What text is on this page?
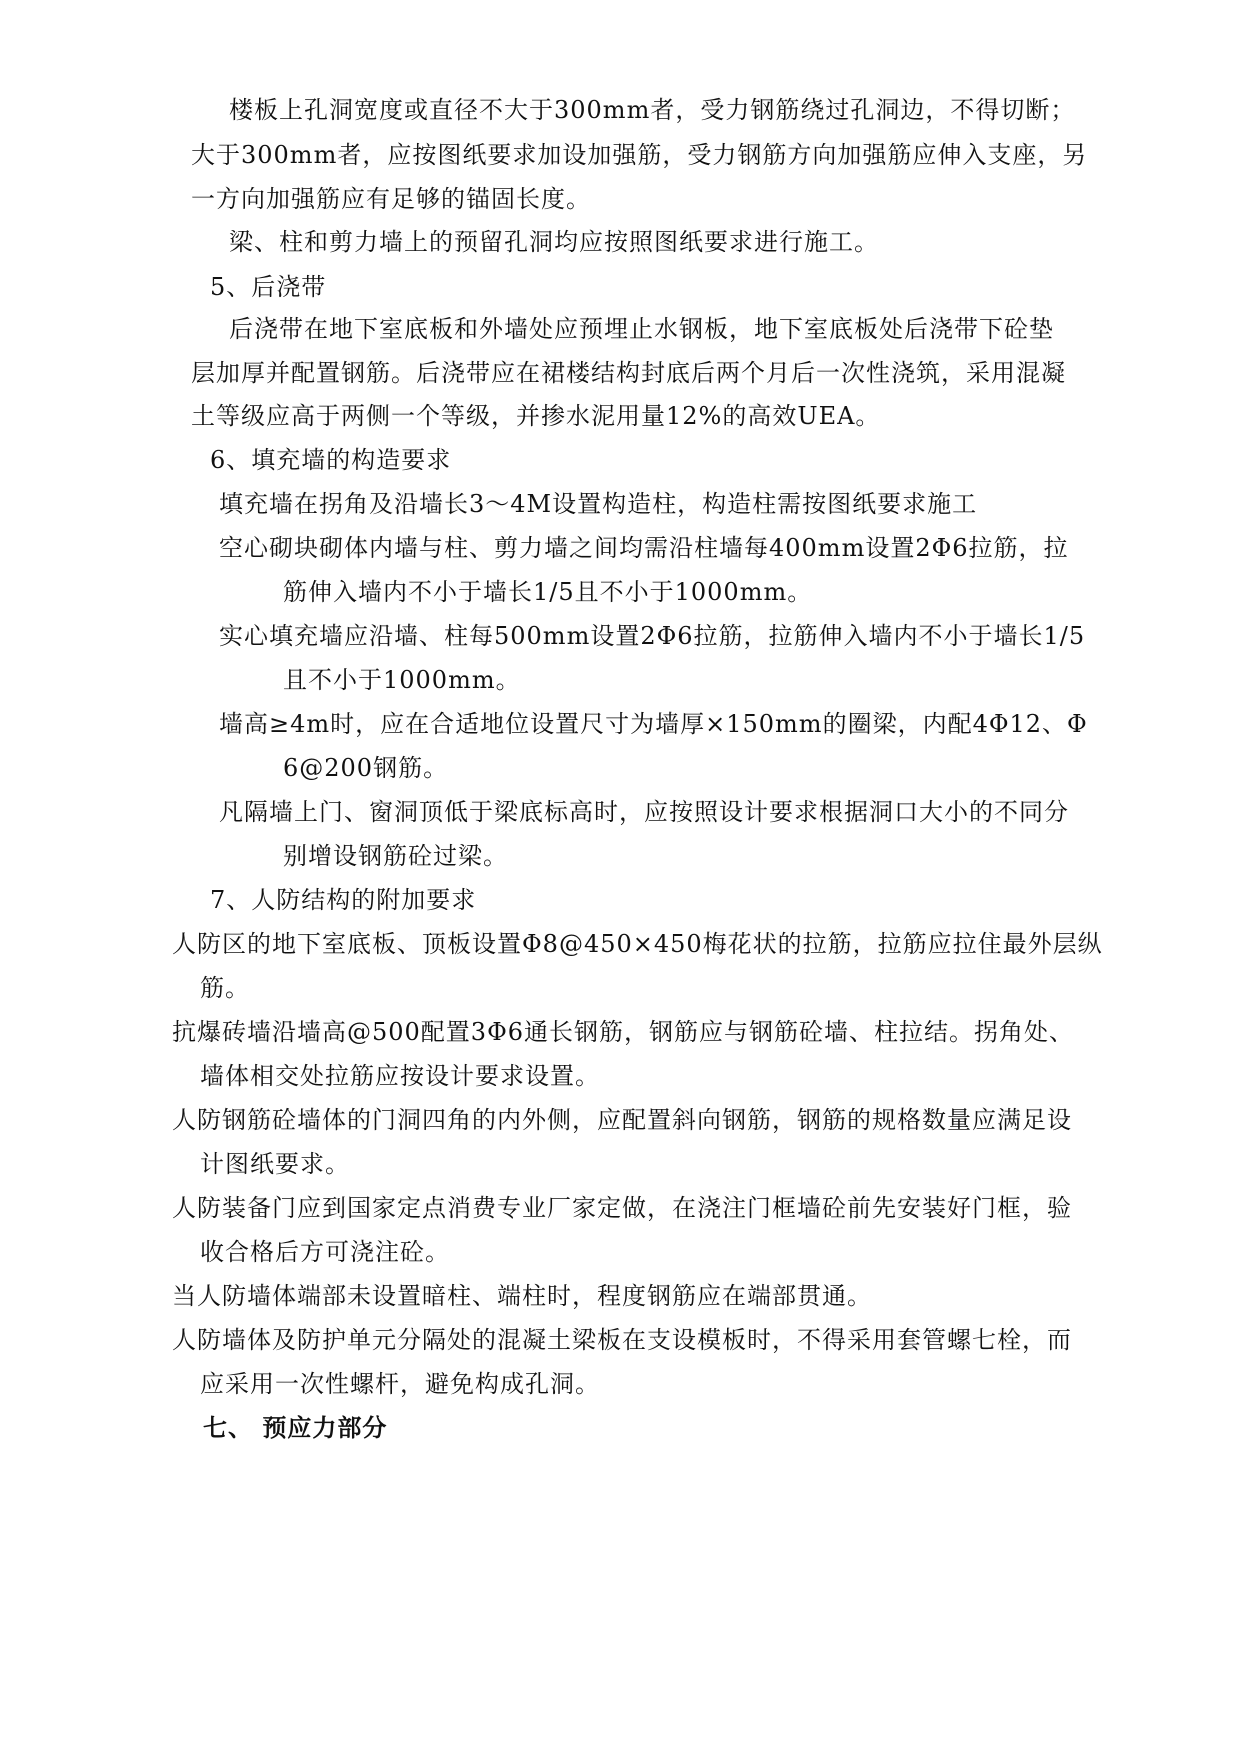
楼板上孔洞宽度或直径不大于300mm者，受力钢筋绕过孔洞边，不得切断；
大于300mm者，应按图纸要求加设加强筋，受力钢筋方向加强筋应伸入支座，另
一方向加强筋应有足够的锚固长度。
梁、柱和剪力墙上的预留孔洞均应按照图纸要求进行施工。
5、后浇带
后浇带在地下室底板和外墙处应预埋止水钢板，地下室底板处后浇带下砼垫
层加厚并配置钢筋。后浇带应在裙楼结构封底后两个月后一次性浇筑，采用混凝
土等级应高于两侧一个等级，并掺水泥用量12%的高效UEA。
6、填充墙的构造要求
填充墙在拐角及沿墙长3～4M设置构造柱，构造柱需按图纸要求施工
空心砌块砌体内墙与柱、剪力墙之间均需沿柱墙每400mm设置2Φ6拉筋，拉
筋伸入墙内不小于墙长1/5且不小于1000mm。
实心填充墙应沿墙、柱每500mm设置2Φ6拉筋，拉筋伸入墙内不小于墙长1/5
且不小于1000mm。
墙高≥4m时，应在合适地位设置尺寸为墙厚×150mm的圈梁，内配4Φ12、Φ
6@200钢筋。
凡隔墙上门、窗洞顶低于梁底标高时，应按照设计要求根据洞口大小的不同分
别增设钢筋砼过梁。
7、人防结构的附加要求
人防区的地下室底板、顶板设置Φ8@450×450梅花状的拉筋，拉筋应拉住最外层纵
筋。
抗爆砖墙沿墙高@500配置3Φ6通长钢筋，钢筋应与钢筋砼墙、柱拉结。拐角处、
墙体相交处拉筋应按设计要求设置。
人防钢筋砼墙体的门洞四角的内外侧，应配置斜向钢筋，钢筋的规格数量应满足设
计图纸要求。
人防装备门应到国家定点消费专业厂家定做，在浇注门框墙砼前先安装好门框，验
收合格后方可浇注砼。
当人防墙体端部未设置暗柱、端柱时，程度钢筋应在端部贯通。
人防墙体及防护单元分隔处的混凝土梁板在支设模板时，不得采用套管螺七栓，而
应采用一次性螺杆，避免构成孔洞。
七、 预应力部分
